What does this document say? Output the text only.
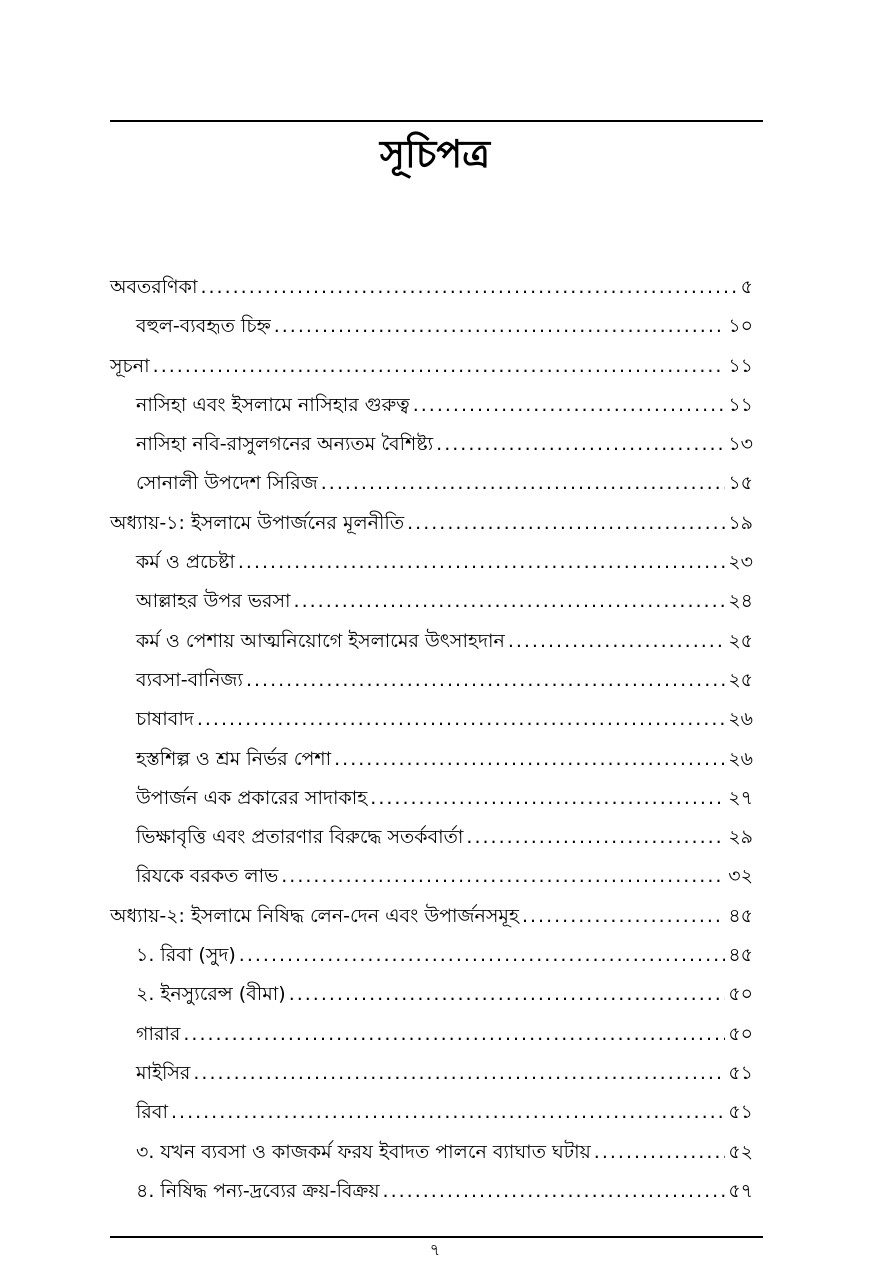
সূচিপত্র
অবতরণিকা .....	৫
বহুল-ব্যবহৃত চিহ্ন .....	১০
সূচনা .....	১১
নাসিহা এবং ইসলামে নাসিহার গুরুত্ব .....	১১
নাসিহা নবি-রাসুলগনের অন্যতম বৈশিষ্ট্য .....	১৩
সোনালী উপদেশ সিরিজ .....	১৫
অধ্যায়-১: ইসলামে উপার্জনের মূলনীতি .....	১৯
কর্ম ও প্রচেষ্টা .....	২৩
আল্লাহর উপর ভরসা .....	২৪
কর্ম ও পেশায় আত্মনিয়োগে ইসলামের উৎসাহদান .....	২৫
ব্যবসা-বানিজ্য .....	২৫
চাষাবাদ .....	২৬
হস্তশিল্প ও শ্রম নির্ভর পেশা .....	২৬
উপার্জন এক প্রকারের সাদাকাহ .....	২৭
ভিক্ষাবৃত্তি এবং প্রতারণার বিরুদ্ধে সতর্কবার্তা .....	২৯
রিযকে বরকত লাভ .....	৩২
অধ্যায়-২: ইসলামে নিষিদ্ধ লেন-দেন এবং উপার্জনসমূহ .....	৪৫
১. রিবা (সুদ) .....	৪৫
২. ইনস্যুরেন্স (বীমা) .....	৫০
গারার .....	৫০
মাইসির .....	৫১
রিবা .....	৫১
৩. যখন ব্যবসা ও কাজকর্ম ফরয ইবাদত পালনে ব্যাঘাত ঘটায় .....	৫২
৪. নিষিদ্ধ পন্য-দ্রব্যের ক্রয়-বিক্রয় .....	৫৭
৭
